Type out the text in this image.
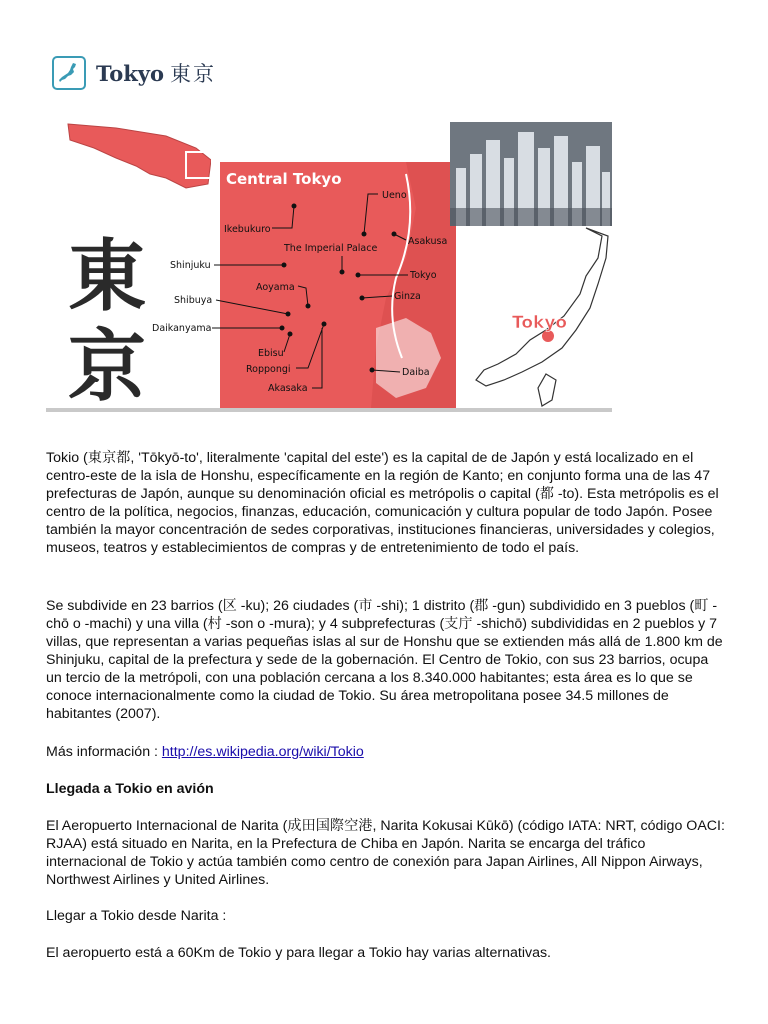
Tokyo 東京
東
京
Central Tokyo
Ueno
Ikebukuro
Asakusa
The Imperial Palace
Shinjuku
Tokyo
Aoyama
Ginza
Shibuya
Daikanyama
Ebisu
Roppongi	Daiba
Akasaka
Tokyo

Tokio (東京都, 'Tōkyō-to', literalmente 'capital del este') es la capital de de Japón y está localizado en el centro-este de la isla de Honshu, específicamente en la región de Kanto; en conjunto forma una de las 47 prefecturas de Japón, aunque su denominación oficial es metrópolis o capital (都 -to). Esta metrópolis es el centro de la política, negocios, finanzas, educación, comunicación y cultura popular de todo Japón. Posee también la mayor concentración de sedes corporativas, instituciones financieras, universidades y colegios, museos, teatros y establecimientos de compras y de entretenimiento de todo el país.

Se subdivide en 23 barrios (区 -ku); 26 ciudades (市 -shi); 1 distrito (郡 -gun) subdividido en 3 pueblos (町 -chō o -machi) y una villa (村 -son o -mura); y 4 subprefecturas (支庁 -shichō) subdivididas en 2 pueblos y 7 villas, que representan a varias pequeñas islas al sur de Honshu que se extienden más allá de 1.800 km de Shinjuku, capital de la prefectura y sede de la gobernación. El Centro de Tokio, con sus 23 barrios, ocupa un tercio de la metrópoli, con una población cercana a los 8.340.000 habitantes; esta área es lo que se conoce internacionalmente como la ciudad de Tokio. Su área metropolitana posee 34.5 millones de habitantes (2007).

Más información : http://es.wikipedia.org/wiki/Tokio

Llegada a Tokio en avión

El Aeropuerto Internacional de Narita (成田国際空港, Narita Kokusai Kūkō) (código IATA: NRT, código OACI: RJAA) está situado en Narita, en la Prefectura de Chiba en Japón. Narita se encarga del tráfico internacional de Tokio y actúa también como centro de conexión para Japan Airlines, All Nippon Airways, Northwest Airlines y United Airlines.

Llegar a Tokio desde Narita :

El aeropuerto está a 60Km de Tokio y para llegar a Tokio hay varias alternativas.
